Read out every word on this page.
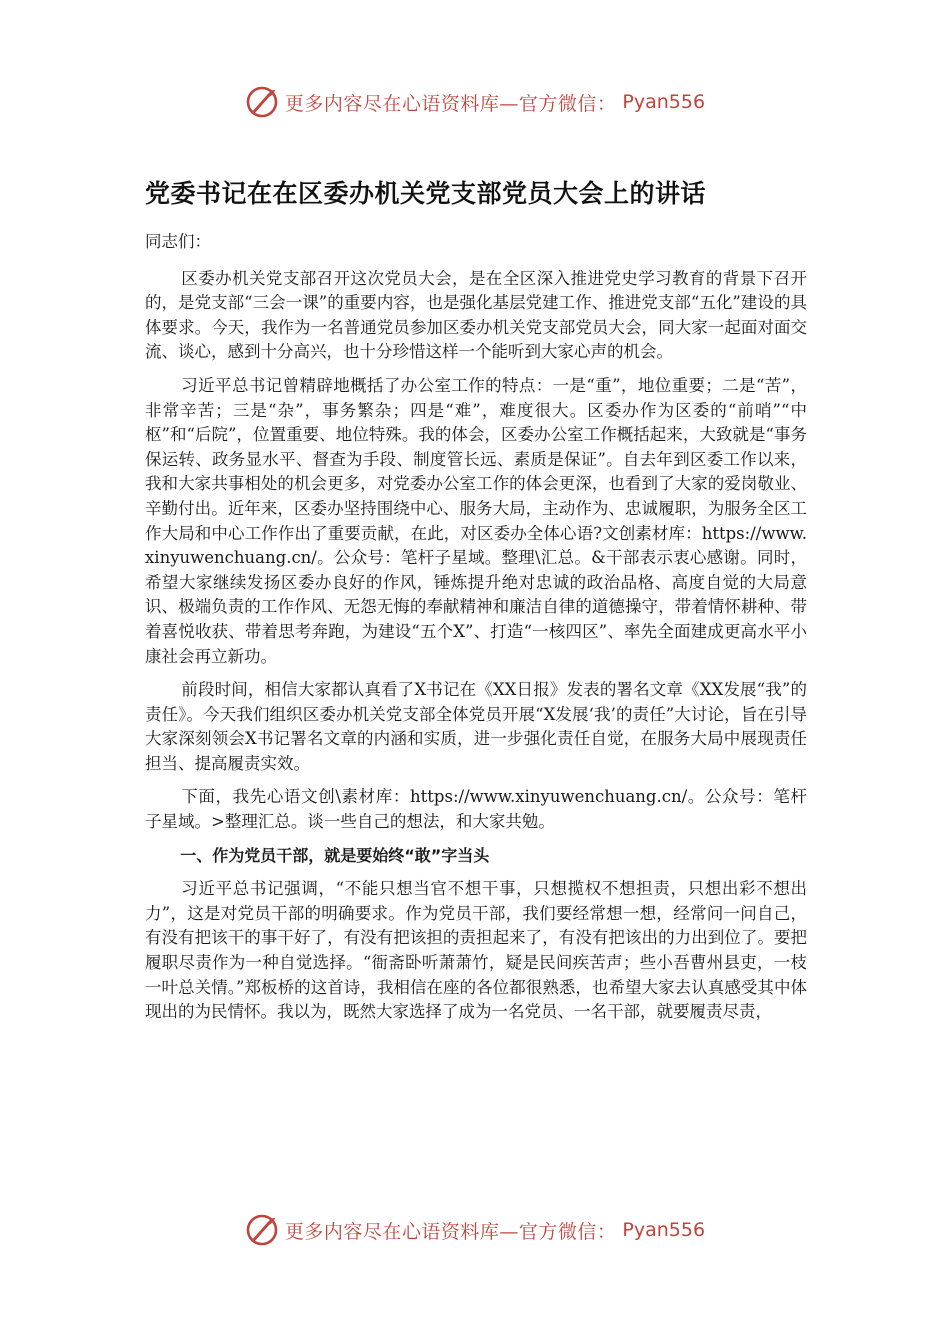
更多内容尽在心语资料库—官方微信： Pyan556
党委书记在在区委办机关党支部党员大会上的讲话

同志们：

区委办机关党支部召开这次党员大会，是在全区深入推进党史学习教育的背景下召开的，是党支部“三会一课”的重要内容，也是强化基层党建工作、推进党支部“五化”建设的具体要求。今天，我作为一名普通党员参加区委办机关党支部党员大会，同大家一起面对面交流、谈心，感到十分高兴，也十分珍惜这样一个能听到大家心声的机会。

习近平总书记曾精辟地概括了办公室工作的特点：一是“重”，地位重要；二是“苦”，非常辛苦；三是“杂”，事务繁杂；四是“难”，难度很大。区委办作为区委的“前哨”“中枢”和“后院”，位置重要、地位特殊。我的体会，区委办公室工作概括起来，大致就是“事务保运转、政务显水平、督查为手段、制度管长远、素质是保证”。自去年到区委工作以来，我和大家共事相处的机会更多，对党委办公室工作的体会更深，也看到了大家的爱岗敬业、辛勤付出。近年来，区委办坚持围绕中心、服务大局，主动作为、忠诚履职，为服务全区工作大局和中心工作作出了重要贡献，在此，对区委办全体心语?文创素材库：https://www.xinyuwenchuang.cn/。公众号：笔杆子星域。整理\汇总。&干部表示衷心感谢。同时，希望大家继续发扬区委办良好的作风，锤炼提升绝对忠诚的政治品格、高度自觉的大局意识、极端负责的工作作风、无怨无悔的奉献精神和廉洁自律的道德操守，带着情怀耕种、带着喜悦收获、带着思考奔跑，为建设“五个X”、打造“一核四区”、率先全面建成更高水平小康社会再立新功。

前段时间，相信大家都认真看了X书记在《XX日报》发表的署名文章《XX发展“我”的责任》。今天我们组织区委办机关党支部全体党员开展“X发展‘我’的责任”大讨论，旨在引导大家深刻领会X书记署名文章的内涵和实质，进一步强化责任自觉，在服务大局中展现责任担当、提高履责实效。

下面，我先心语文创\素材库：https://www.xinyuwenchuang.cn/。公众号：笔杆子星域。>整理汇总。谈一些自己的想法，和大家共勉。

一、作为党员干部，就是要始终“敢”字当头

习近平总书记强调，“不能只想当官不想干事，只想揽权不想担责，只想出彩不想出力”，这是对党员干部的明确要求。作为党员干部，我们要经常想一想，经常问一问自己，有没有把该干的事干好了，有没有把该担的责担起来了，有没有把该出的力出到位了。要把履职尽责作为一种自觉选择。“衙斋卧听萧萧竹，疑是民间疾苦声；些小吾曹州县吏，一枝一叶总关情。”郑板桥的这首诗，我相信在座的各位都很熟悉，也希望大家去认真感受其中体现出的为民情怀。我以为，既然大家选择了成为一名党员、一名干部，就要履责尽责，

更多内容尽在心语资料库—官方微信： Pyan556
